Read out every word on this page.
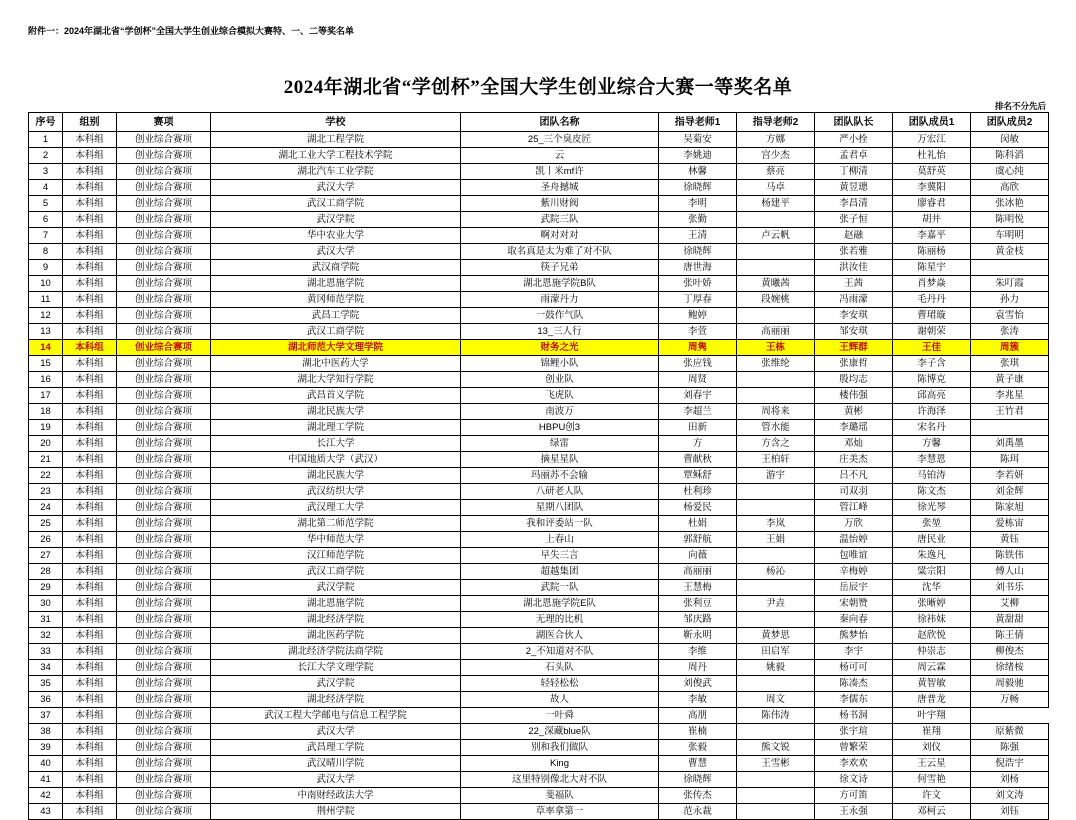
附件一：2024年湖北省“学创杯”全国大学生创业综合模拟大赛特、一、二等奖名单
2024年湖北省“学创杯”全国大学生创业综合大赛一等奖名单
排名不分先后
序号	组别	赛项	学校	团队名称	指导老师1	指导老师2	团队队长	团队成员1	团队成员2
1	本科组	创业综合赛项	湖北工程学院	25_三个臭皮匠	吴菊安	方娜	严小拴	万宏江	闵敏
2	本科组	创业综合赛项	湖北工业大学工程技术学院	云	李姚迪	宫少杰	孟君卓	杜礼怡	陈科滔
3	本科组	创业综合赛项	湖北汽车工业学院	凯丨米mf许	林馨	蔡亮	丁柳清	莫舒英	虞心纯
4	本科组	创业综合赛项	武汉大学	圣舟撼城	徐晓辉	马卓	黄昱璁	李冀阳	高欣
5	本科组	创业综合赛项	武汉工商学院	紫川财阀	李明	杨建平	李昌清	廖睿君	张冰艳
6	本科组	创业综合赛项	武汉学院	武院三队	张勤		张子恒	胡井	陈明悦
7	本科组	创业综合赛项	华中农业大学	啊对对对	王清	卢云帆	赵融	李嘉平	车明明
8	本科组	创业综合赛项	武汉大学	取名真是太为难了对不队	徐晓辉		张若雅	陈丽杨	黄金枝
9	本科组	创业综合赛项	武汉商学院	筷子兄弟	唐世海		洪汝佳	陈星宇	
10	本科组	创业综合赛项	湖北恩施学院	湖北恩施学院B队	张叶娇	黄曦茜	王茜	肖梦焱	朱叮霞
11	本科组	创业综合赛项	黄冈师范学院	雨濛丹力	丁厚春	段婉桃	冯雨濛	毛丹丹	孙力
12	本科组	创业综合赛项	武昌工学院	一鼓作气队	鲍婷		李安琪	曹珺璇	袁雪怡
13	本科组	创业综合赛项	武汉工商学院	13_三人行	李萱	高丽丽	邹安琪	谢朝荣	张涛
14	本科组	创业综合赛项	湖北师范大学文理学院	财务之光	周隽	王栋	王辉群	王佳	周簇
15	本科组	创业综合赛项	湖北中医药大学	锦鲤小队	张应钱	张维纶	张康哲	李子含	张琪
16	本科组	创业综合赛项	湖北大学知行学院	创业队	周贤		殷均志	陈博克	黄子康
17	本科组	创业综合赛项	武昌首义学院	飞虎队	刘春宇		楼伟强	邱高亮	李兆星
18	本科组	创业综合赛项	湖北民族大学	南波万	李超兰	周将来	黄彬	许海泽	王竹君
19	本科组	创业综合赛项	湖北理工学院	HBPU创3	田新	管水能	李璐瑶	宋名丹	
20	本科组	创业综合赛项	长江大学	绿雷	方	方含之	邓灿	方馨	刘禹墨
21	本科组	创业综合赛项	中国地质大学（武汉）	摘星星队	曹献秋	王柏轩	庄美杰	李慧恩	陈珥
22	本科组	创业综合赛项	湖北民族大学	玛丽苏不会输	覃稣舒	游宇	吕不凡	马铂涛	李若妍
23	本科组	创业综合赛项	武汉纺织大学	八研老人队	杜利珍		司双羽	陈文杰	刘金辉
24	本科组	创业综合赛项	武汉理工大学	星期八团队	杨爱民		管江峰	徐光琴	陈家旭
25	本科组	创业综合赛项	湖北第二师范学院	我和评委站一队	杜娟	李岚	万欣	张堃	爱栋宙
26	本科组	创业综合赛项	华中师范大学	上春山	郭舒航	王娟	温怡婷	唐民业	黄钰
27	本科组	创业综合赛项	汉江师范学院	早失三言	向薇		包唯谊	朱逸凡	陈铁伟
28	本科组	创业综合赛项	武汉工商学院	超越集团	高丽丽	杨沁	辛梅婷	粱宗阳	傅人山
29	本科组	创业综合赛项	武汉学院	武院一队	王慧梅		岳辰宇	沈华	刘书乐
30	本科组	创业综合赛项	湖北恩施学院	湖北恩施学院E队	张利豆	尹垚	宋朝赞	张晰婷	艾柳
31	本科组	创业综合赛项	湖北经济学院	无理的比机	邹庆路		秦向春	徐祎妹	黄甜甜
32	本科组	创业综合赛项	湖北医药学院	湖医合伙人	靳永明	黄梦思	熊梦怡	赵欣悦	陈王倩
33	本科组	创业综合赛项	湖北经济学院法商学院	2_不知道对不队	李维	田启军	李宇	仲崇志	柳俊杰
34	本科组	创业综合赛项	长江大学文理学院	石头队	周丹	姚毅	杨可可	周云霖	徐绪桉
35	本科组	创业综合赛项	武汉学院	轻轻松松	刘俊武		陈凑杰	黄智敏	周毅驰
36	本科组	创业综合赛项	湖北经济学院	故人	李敏	周文	李儒东	唐普龙	万畅
37	本科组	创业综合赛项	武汉工程大学邮电与信息工程学院	一叶舜	高朋	陈伟涛	杨书洞	叶宇翔	
38	本科组	创业综合赛项	武汉大学	22_深藏blue队	崔楠		张宇瑄	崔翔	原紫微
39	本科组	创业综合赛项	武昌理工学院	别和我们做队	张毅	熊文锐	曾繁荣	刘仪	陈强
40	本科组	创业综合赛项	武汉晴川学院	King	曹慧	王雪彬	李欢欢	王云星	倪浩宇
41	本科组	创业综合赛项	武汉大学	这里特别像北大对不队	徐晓辉		徐文诗	何雪艳	刘杨
42	本科组	创业综合赛项	中南财经政法大学	斐福队	张传杰		方可笛	许文	刘文涛
43	本科组	创业综合赛项	荆州学院	草率拿第一	范永裁		王永强	邓柯云	刘钰
